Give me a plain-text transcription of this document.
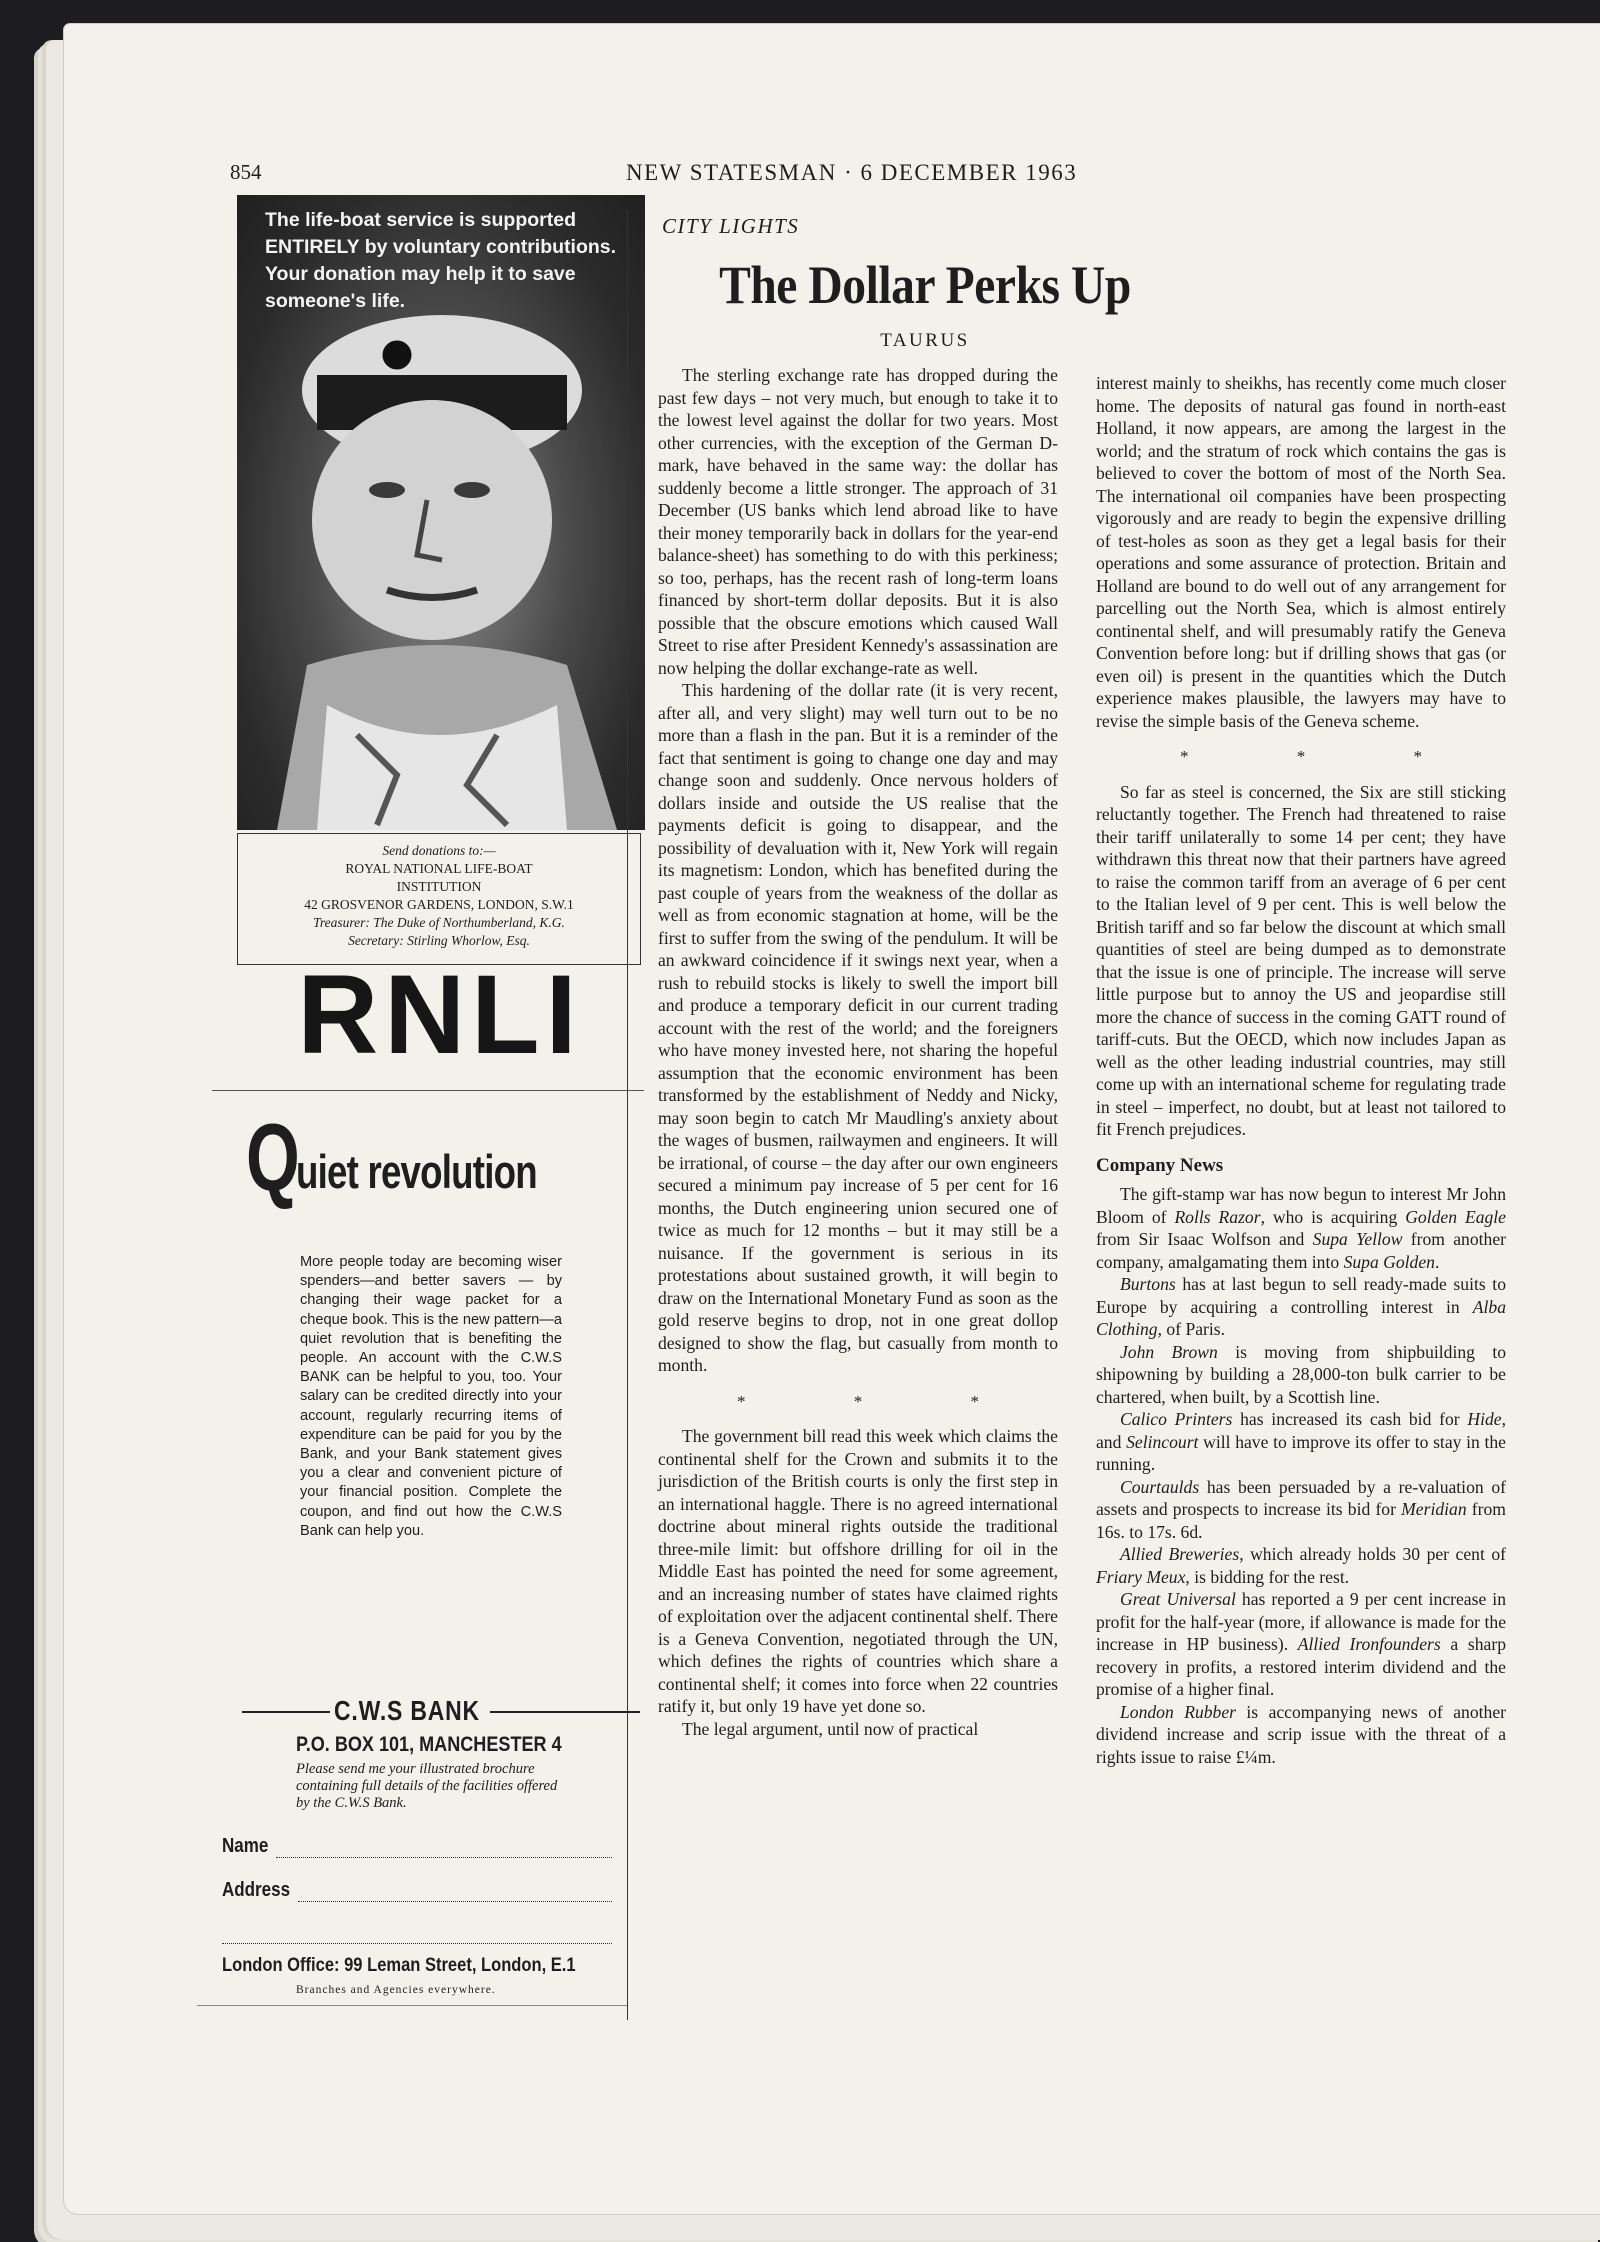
854	NEW STATESMAN · 6 DECEMBER 1963
The life-boat service is supported ENTIRELY by voluntary contributions. Your donation may help it to save someone's life.
Send donations to:—
ROYAL NATIONAL LIFE-BOAT
INSTITUTION
42 GROSVENOR GARDENS, LONDON, S.W.1
Treasurer: The Duke of Northumberland, K.G.
Secretary: Stirling Whorlow, Esq.
RNLI
Q
uiet revolution
More people today are becoming wiser spenders—and better savers — by changing their wage packet for a cheque book. This is the new pattern—a quiet revolution that is benefiting the people. An account with the C.W.S BANK can be helpful to you, too. Your salary can be credited directly into your account, regularly recurring items of expenditure can be paid for you by the Bank, and your Bank statement gives you a clear and convenient picture of your financial position. Complete the coupon, and find out how the C.W.S Bank can help you.
C.W.S BANK
P.O. BOX 101, MANCHESTER 4
Please send me your illustrated brochure containing full details of the facilities offered by the C.W.S Bank.
Name
Address
London Office: 99 Leman Street, London, E.1
Branches and Agencies everywhere.
CITY LIGHTS
The Dollar Perks Up
TAURUS

The sterling exchange rate has dropped during the past few days – not very much, but enough to take it to the lowest level against the dollar for two years. Most other currencies, with the exception of the German D-mark, have behaved in the same way: the dollar has suddenly become a little stronger. The approach of 31 December (US banks which lend abroad like to have their money temporarily back in dollars for the year-end balance-sheet) has something to do with this perkiness; so too, perhaps, has the recent rash of long-term loans financed by short-term dollar deposits. But it is also possible that the obscure emotions which caused Wall Street to rise after President Kennedy's assassination are now helping the dollar exchange-rate as well.

This hardening of the dollar rate (it is very recent, after all, and very slight) may well turn out to be no more than a flash in the pan. But it is a reminder of the fact that sentiment is going to change one day and may change soon and suddenly. Once nervous holders of dollars inside and outside the US realise that the payments deficit is going to disappear, and the possibility of devaluation with it, New York will regain its magnetism: London, which has benefited during the past couple of years from the weakness of the dollar as well as from economic stagnation at home, will be the first to suffer from the swing of the pendulum. It will be an awkward coincidence if it swings next year, when a rush to rebuild stocks is likely to swell the import bill and produce a temporary deficit in our current trading account with the rest of the world; and the foreigners who have money invested here, not sharing the hopeful assumption that the economic environment has been transformed by the establishment of Neddy and Nicky, may soon begin to catch Mr Maudling's anxiety about the wages of busmen, railwaymen and engineers. It will be irrational, of course – the day after our own engineers secured a minimum pay increase of 5 per cent for 16 months, the Dutch engineering union secured one of twice as much for 12 months – but it may still be a nuisance. If the government is serious in its protestations about sustained growth, it will begin to draw on the International Monetary Fund as soon as the gold reserve begins to drop, not in one great dollop designed to show the flag, but casually from month to month.

* * *

The government bill read this week which claims the continental shelf for the Crown and submits it to the jurisdiction of the British courts is only the first step in an international haggle. There is no agreed international doctrine about mineral rights outside the traditional three-mile limit: but offshore drilling for oil in the Middle East has pointed the need for some agreement, and an increasing number of states have claimed rights of exploitation over the adjacent continental shelf. There is a Geneva Convention, negotiated through the UN, which defines the rights of countries which share a continental shelf; it comes into force when 22 countries ratify it, but only 19 have yet done so.

The legal argument, until now of practical

interest mainly to sheikhs, has recently come much closer home. The deposits of natural gas found in north-east Holland, it now appears, are among the largest in the world; and the stratum of rock which contains the gas is believed to cover the bottom of most of the North Sea. The international oil companies have been prospecting vigorously and are ready to begin the expensive drilling of test-holes as soon as they get a legal basis for their operations and some assurance of protection. Britain and Holland are bound to do well out of any arrangement for parcelling out the North Sea, which is almost entirely continental shelf, and will presumably ratify the Geneva Convention before long: but if drilling shows that gas (or even oil) is present in the quantities which the Dutch experience makes plausible, the lawyers may have to revise the simple basis of the Geneva scheme.

* * *

So far as steel is concerned, the Six are still sticking reluctantly together. The French had threatened to raise their tariff unilaterally to some 14 per cent; they have withdrawn this threat now that their partners have agreed to raise the common tariff from an average of 6 per cent to the Italian level of 9 per cent. This is well below the British tariff and so far below the discount at which small quantities of steel are being dumped as to demonstrate that the issue is one of principle. The increase will serve little purpose but to annoy the US and jeopardise still more the chance of success in the coming GATT round of tariff-cuts. But the OECD, which now includes Japan as well as the other leading industrial countries, may still come up with an international scheme for regulating trade in steel – imperfect, no doubt, but at least not tailored to fit French prejudices.

Company News

The gift-stamp war has now begun to interest Mr John Bloom of Rolls Razor, who is acquiring Golden Eagle from Sir Isaac Wolfson and Supa Yellow from another company, amalgamating them into Supa Golden.

Burtons has at last begun to sell ready-made suits to Europe by acquiring a controlling interest in Alba Clothing, of Paris.

John Brown is moving from shipbuilding to shipowning by building a 28,000-ton bulk carrier to be chartered, when built, by a Scottish line.

Calico Printers has increased its cash bid for Hide, and Selincourt will have to improve its offer to stay in the running.

Courtaulds has been persuaded by a re-valuation of assets and prospects to increase its bid for Meridian from 16s. to 17s. 6d.

Allied Breweries, which already holds 30 per cent of Friary Meux, is bidding for the rest.

Great Universal has reported a 9 per cent increase in profit for the half-year (more, if allowance is made for the increase in HP business). Allied Ironfounders a sharp recovery in profits, a restored interim dividend and the promise of a higher final.

London Rubber is accompanying news of another dividend increase and scrip issue with the threat of a rights issue to raise £¼m.
